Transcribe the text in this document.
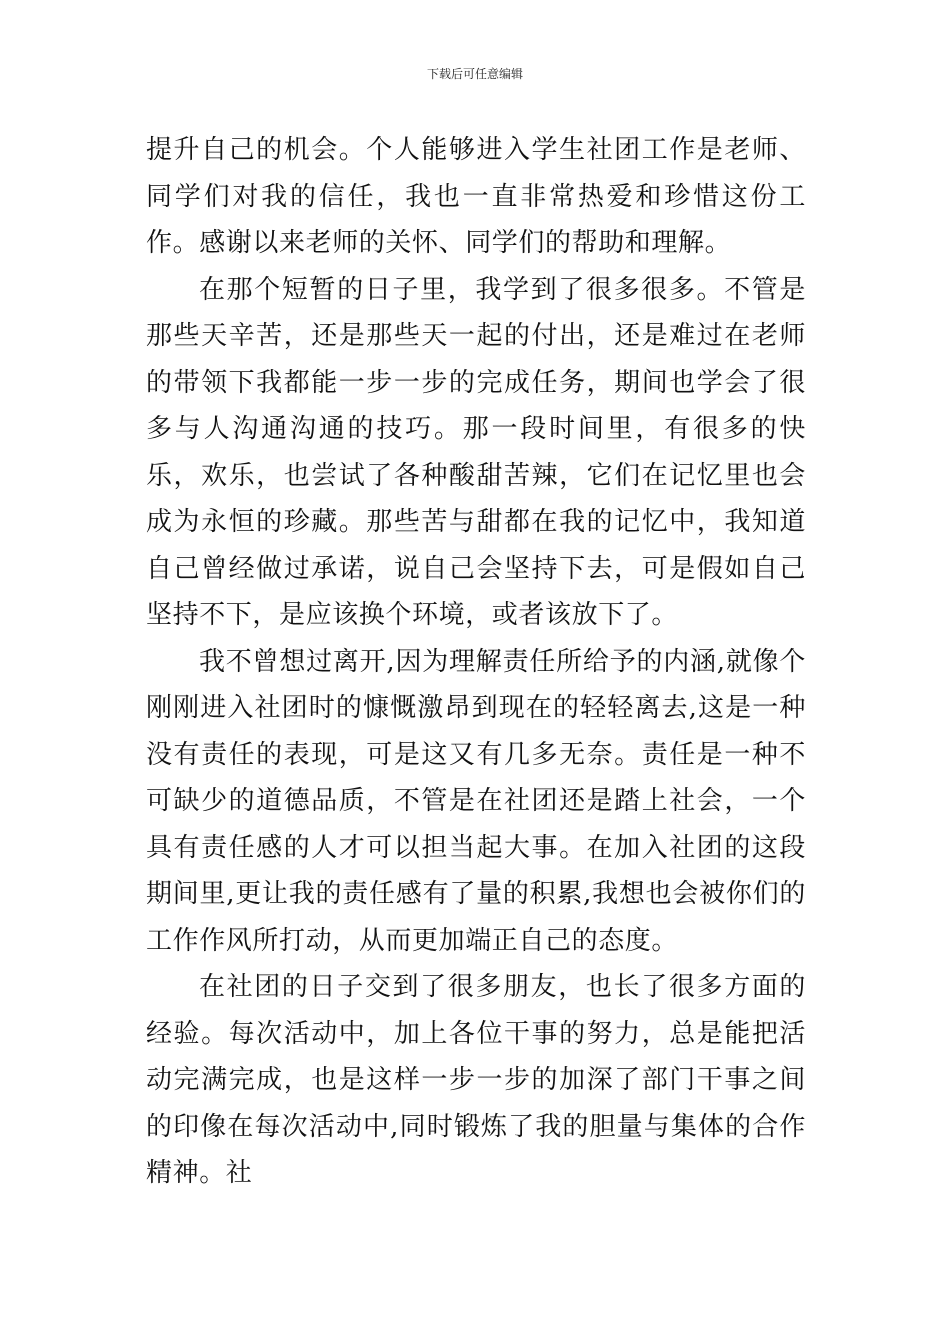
下载后可任意编辑

提升自己的机会。个人能够进入学生社团工作是老师、同学们对我的信任，我也一直非常热爱和珍惜这份工作。感谢以来老师的关怀、同学们的帮助和理解。

在那个短暂的日子里，我学到了很多很多。不管是那些天辛苦，还是那些天一起的付出，还是难过在老师的带领下我都能一步一步的完成任务，期间也学会了很多与人沟通沟通的技巧。那一段时间里，有很多的快乐，欢乐，也尝试了各种酸甜苦辣，它们在记忆里也会成为永恒的珍藏。那些苦与甜都在我的记忆中，我知道自己曾经做过承诺，说自己会坚持下去，可是假如自己坚持不下，是应该换个环境，或者该放下了。

我不曾想过离开,因为理解责任所给予的内涵,就像个刚刚进入社团时的慷慨激昂到现在的轻轻离去,这是一种没有责任的表现，可是这又有几多无奈。责任是一种不可缺少的道德品质，不管是在社团还是踏上社会，一个具有责任感的人才可以担当起大事。在加入社团的这段期间里,更让我的责任感有了量的积累,我想也会被你们的工作作风所打动，从而更加端正自己的态度。

在社团的日子交到了很多朋友，也长了很多方面的经验。每次活动中，加上各位干事的努力，总是能把活动完满完成，也是这样一步一步的加深了部门干事之间的印像在每次活动中,同时锻炼了我的胆量与集体的合作精神。社
